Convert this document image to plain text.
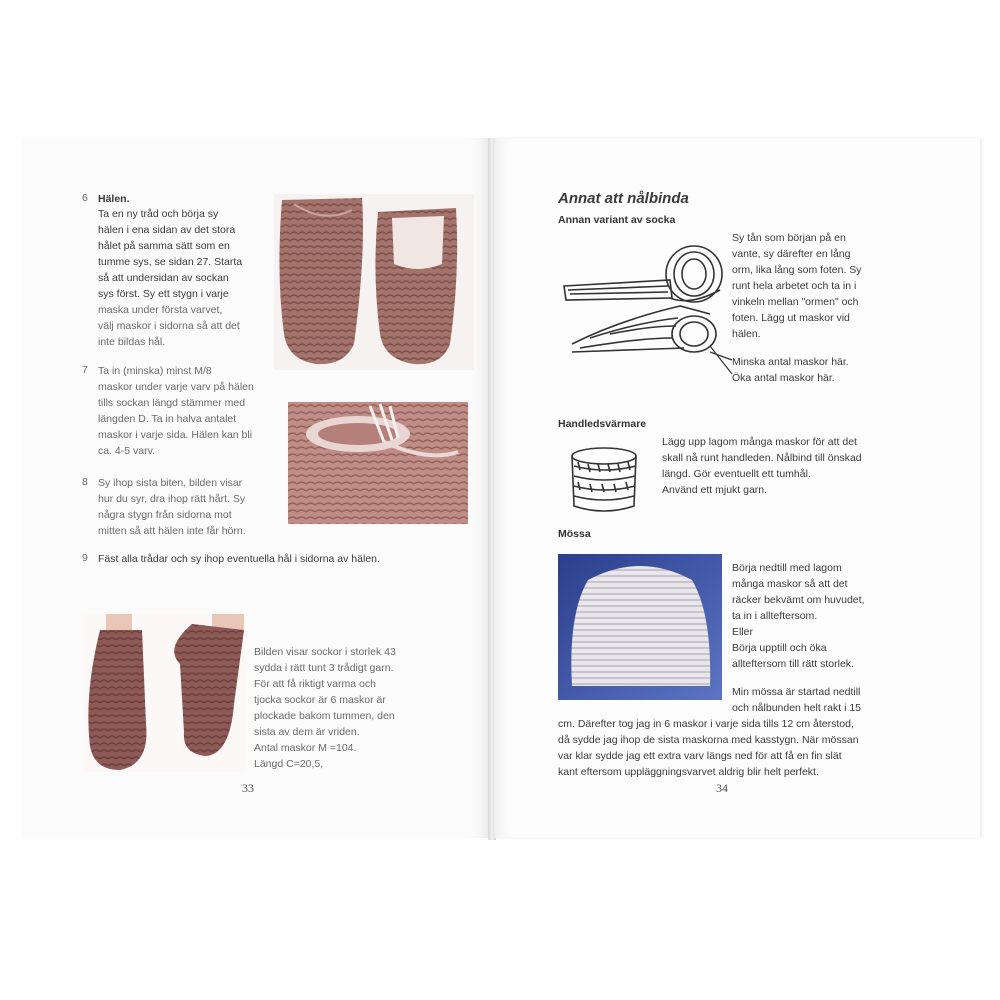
6 Hälen.
Ta en ny tråd och börja sy
hälen i ena sidan av det stora
hålet på samma sätt som en
tumme sys, se sidan 27. Starta
så att undersidan av sockan
sys först. Sy ett stygn i varje
maska under första varvet,
välj maskor i sidorna så att det
inte bildas hål.
7 Ta in (minska) minst M/8
maskor under varje varv på hälen
tills sockan längd stämmer med
längden D. Ta in halva antalet
maskor i varje sida. Hälen kan bli
ca. 4-5 varv.
8 Sy ihop sista biten, bilden visar
hur du syr, dra ihop rätt hårt. Sy
några stygn från sidorna mot
mitten så att hälen inte får hörn.
9 Fäst alla trådar och sy ihop eventuella hål i sidorna av hälen.
Bilden visar sockor i storlek 43
sydda i rätt tunt 3 trådigt garn.
För att få riktigt varma och
tjocka sockor är 6 maskor är
plockade bakom tummen, den
sista av dem är vriden.
Antal maskor M =104.
Längd C=20,5,
33
Annat att nålbinda
Annan variant av socka
Sy tån som början på en
vante, sy därefter en lång
orm, lika lång som foten. Sy
runt hela arbetet och ta in i
vinkeln mellan "ormen" och
foten. Lägg ut maskor vid
hälen.
Minska antal maskor här.
Öka antal maskor här.
Handledsvärmare
Lägg upp lagom många maskor för att det
skall nå runt handleden. Nålbind till önskad
längd. Gör eventuellt ett tumhål.
Använd ett mjukt garn.
Mössa
Börja nedtill med lagom
många maskor så att det
räcker bekvämt om huvudet,
ta in i allteftersom.
Eller
Börja upptill och öka
allteftersom till rätt storlek.
Min mössa är startad nedtill
och nålbunden helt rakt i 15
cm. Därefter tog jag in 6 maskor i varje sida tills 12 cm återstod,
då sydde jag ihop de sista maskorna med kasstygn. När mössan
var klar sydde jag ett extra varv längs ned för att få en fin slät
kant eftersom uppläggningsvarvet aldrig blir helt perfekt.
34
